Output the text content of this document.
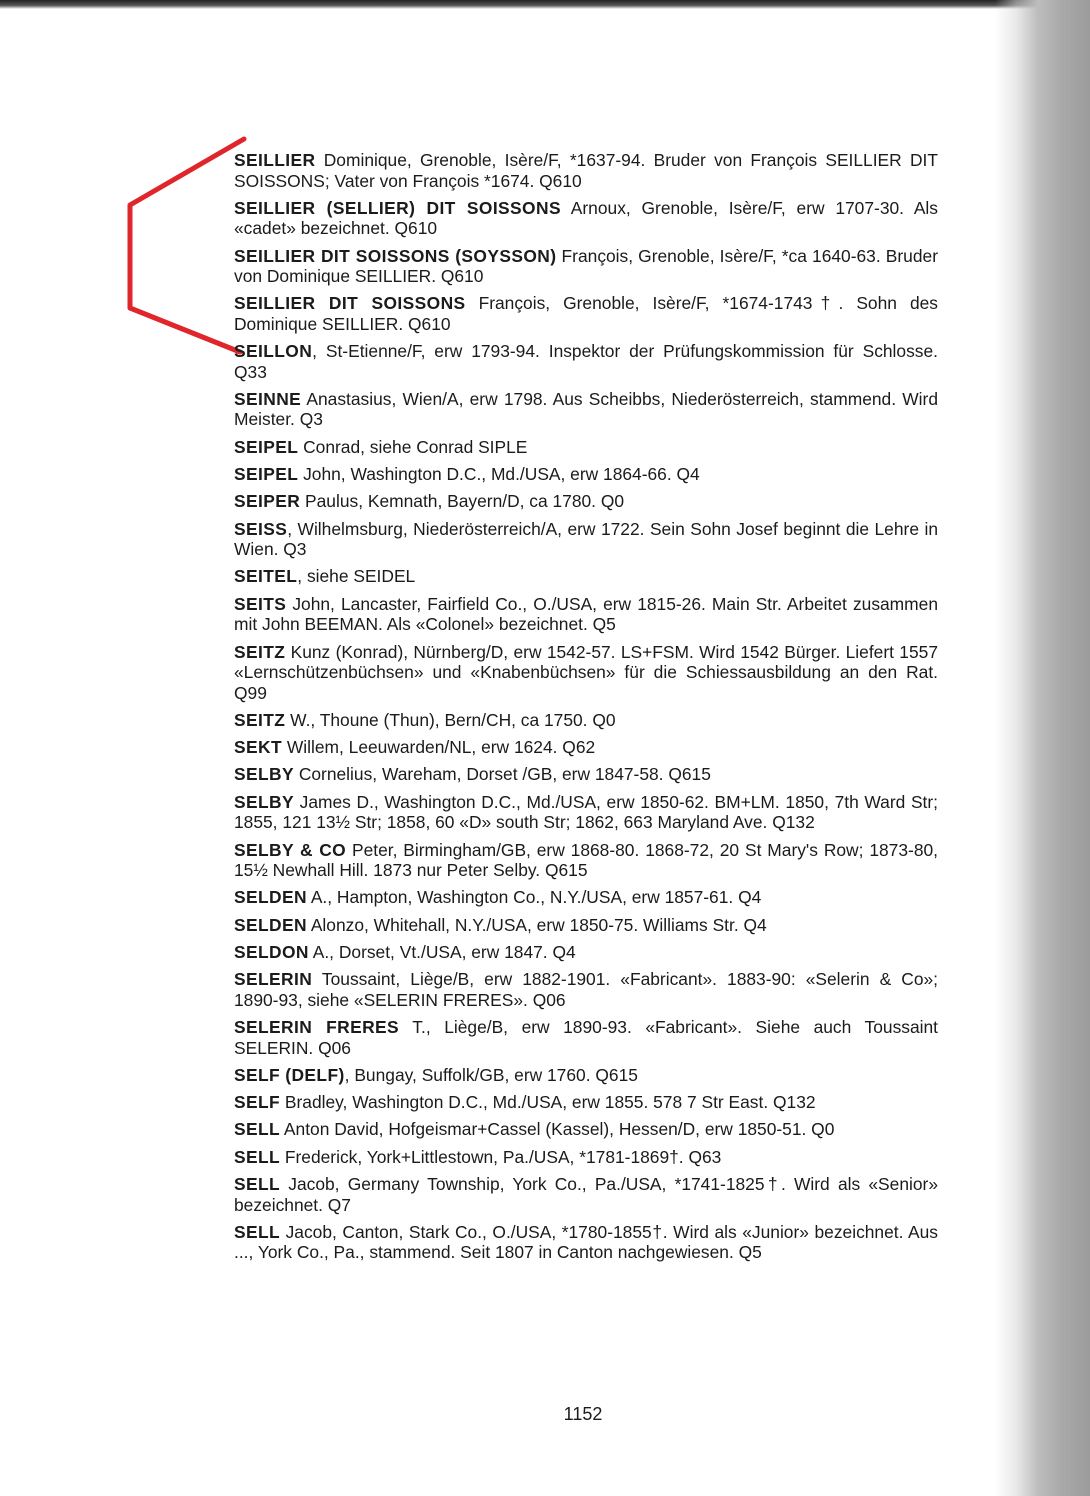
SEILLIER Dominique, Grenoble, Isère/F, *1637-94. Bruder von François SEILLIER DIT SOISSONS; Vater von François *1674. Q610

SEILLIER (SELLIER) DIT SOISSONS Arnoux, Grenoble, Isère/F, erw 1707-30. Als «cadet» bezeichnet. Q610

SEILLIER DIT SOISSONS (SOYSSON) François, Grenoble, Isère/F, *ca 1640-63. Bruder von Dominique SEILLIER. Q610

SEILLIER DIT SOISSONS François, Grenoble, Isère/F, *1674-1743†. Sohn des Dominique SEILLIER. Q610

SEILLON, St-Etienne/F, erw 1793-94. Inspektor der Prüfungskommission für Schlosse. Q33

SEINNE Anastasius, Wien/A, erw 1798. Aus Scheibbs, Niederösterreich, stammend. Wird Meister. Q3

SEIPEL Conrad, siehe Conrad SIPLE

SEIPEL John, Washington D.C., Md./USA, erw 1864-66. Q4

SEIPER Paulus, Kemnath, Bayern/D, ca 1780. Q0

SEISS, Wilhelmsburg, Niederösterreich/A, erw 1722. Sein Sohn Josef beginnt die Lehre in Wien. Q3

SEITEL, siehe SEIDEL

SEITS John, Lancaster, Fairfield Co., O./USA, erw 1815-26. Main Str. Arbeitet zusammen mit John BEEMAN. Als «Colonel» bezeichnet. Q5

SEITZ Kunz (Konrad), Nürnberg/D, erw 1542-57. LS+FSM. Wird 1542 Bürger. Liefert 1557 «Lernschützenbüchsen» und «Knabenbüchsen» für die Schiessausbildung an den Rat. Q99

SEITZ W., Thoune (Thun), Bern/CH, ca 1750. Q0

SEKT Willem, Leeuwarden/NL, erw 1624. Q62

SELBY Cornelius, Wareham, Dorset /GB, erw 1847-58. Q615

SELBY James D., Washington D.C., Md./USA, erw 1850-62. BM+LM. 1850, 7th Ward Str; 1855, 121 13½ Str; 1858, 60 «D» south Str; 1862, 663 Maryland Ave. Q132

SELBY & CO Peter, Birmingham/GB, erw 1868-80. 1868-72, 20 St Mary's Row; 1873-80, 15½ Newhall Hill. 1873 nur Peter Selby. Q615

SELDEN A., Hampton, Washington Co., N.Y./USA, erw 1857-61. Q4

SELDEN Alonzo, Whitehall, N.Y./USA, erw 1850-75. Williams Str. Q4

SELDON A., Dorset, Vt./USA, erw 1847. Q4

SELERIN Toussaint, Liège/B, erw 1882-1901. «Fabricant». 1883-90: «Selerin & Co»; 1890-93, siehe «SELERIN FRERES». Q06

SELERIN FRERES T., Liège/B, erw 1890-93. «Fabricant». Siehe auch Toussaint SELERIN. Q06

SELF (DELF), Bungay, Suffolk/GB, erw 1760. Q615

SELF Bradley, Washington D.C., Md./USA, erw 1855. 578 7 Str East. Q132

SELL Anton David, Hofgeismar+Cassel (Kassel), Hessen/D, erw 1850-51. Q0

SELL Frederick, York+Littlestown, Pa./USA, *1781-1869†. Q63

SELL Jacob, Germany Township, York Co., Pa./USA, *1741-1825†. Wird als «Senior» bezeichnet. Q7

SELL Jacob, Canton, Stark Co., O./USA, *1780-1855†. Wird als «Junior» bezeichnet. Aus ..., York Co., Pa., stammend. Seit 1807 in Canton nachgewiesen. Q5

1152
